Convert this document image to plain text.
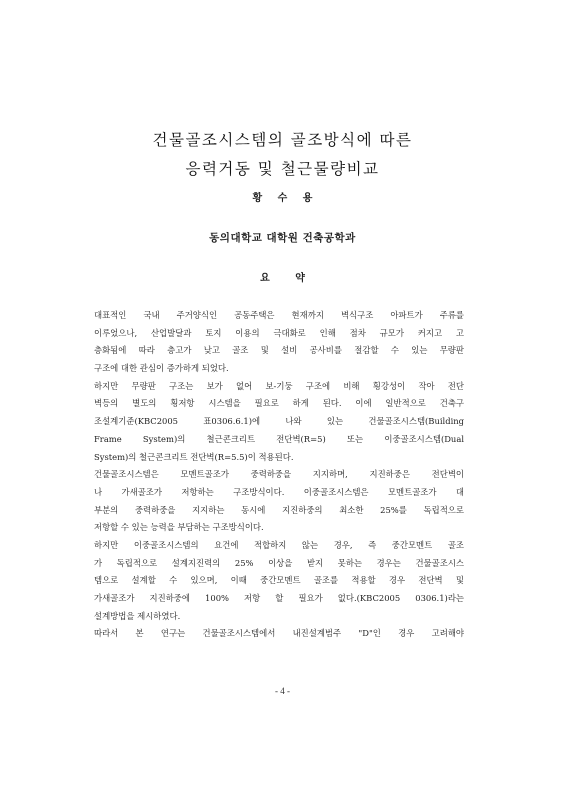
건물골조시스템의 골조방식에 따른
응력거동 및 철근물량비교
황 수 용
동의대학교 대학원 건축공학과
요 약
대표적인 국내 주거양식인 공동주택은 현재까지 벽식구조 아파트가 주류를
이루었으나, 산업발달과 토지 이용의 극대화로 인해 점차 규모가 커지고 고
층화됨에 따라 층고가 낮고 골조 및 설비 공사비를 절감할 수 있는 무량판
구조에 대한 관심이 증가하게 되었다.
하지만 무량판 구조는 보가 없어 보-기둥 구조에 비해 횡강성이 작아 전단
벽등의 별도의 횡저항 시스템을 필요로 하게 된다. 이에 일반적으로 건축구
조설계기준(KBC2005 표0306.6.1)에 나와 있는 건물골조시스템(Building
Frame System)의 철근콘크리트 전단벽(R=5) 또는 이중골조시스템(Dual
System)의 철근콘크리트 전단벽(R=5.5)이 적용된다.
건물골조시스템은 모멘트골조가 중력하중을 지지하며, 지진하중은 전단벽이
나 가새골조가 저항하는 구조방식이다. 이중골조시스템은 모멘트골조가 대
부분의 중력하중을 지지하는 동시에 지진하중의 최소한 25%를 독립적으로
저항할 수 있는 능력을 부담하는 구조방식이다.
하지만 이중골조시스템의 요건에 적합하지 않는 경우, 즉 중간모멘트 골조
가 독립적으로 설계지진력의 25% 이상을 받지 못하는 경우는 건물골조시스
템으로 설계할 수 있으며, 이때 중간모멘트 골조를 적용할 경우 전단벽 및
가새골조가 지진하중에 100% 저항 할 필요가 없다.(KBC2005 0306.1)라는
설계방법을 제시하였다.
따라서 본 연구는 건물골조시스템에서 내진설계범주 "D"인 경우 고려해야
- 4 -
